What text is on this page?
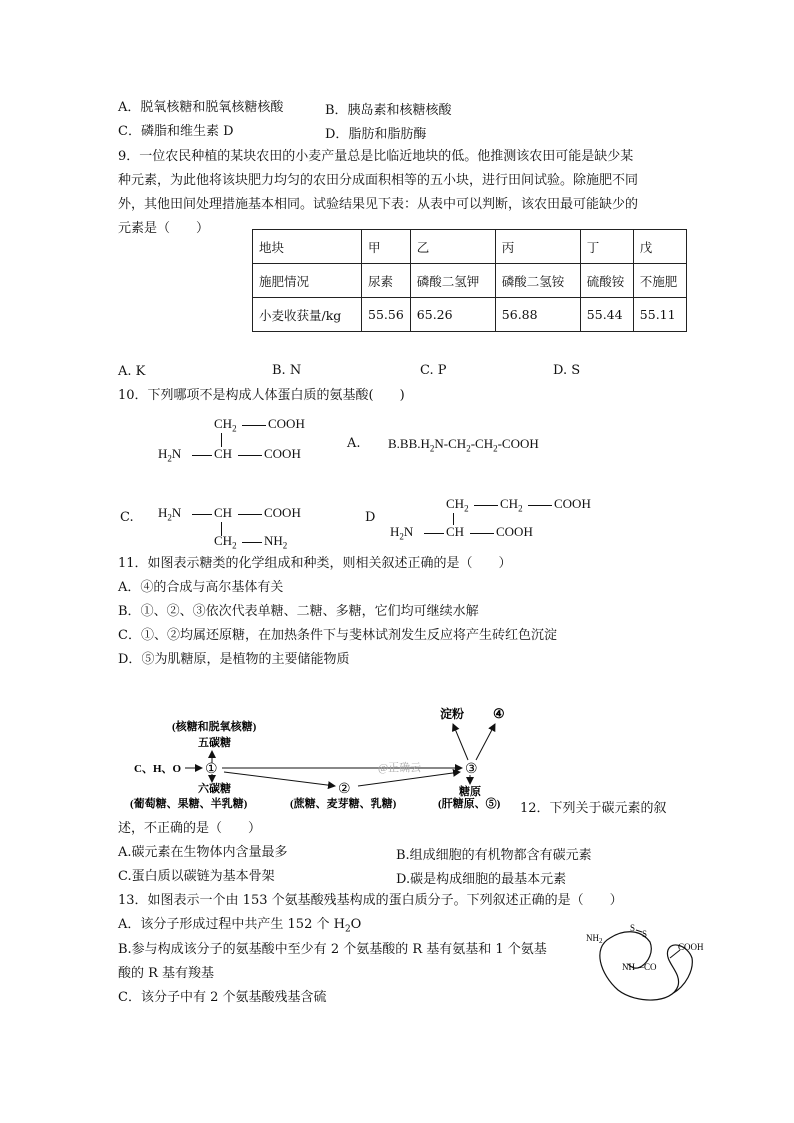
A．脱氧核糖和脱氧核糖核酸	B．胰岛素和核糖核酸
C．磷脂和维生素 D	D．脂肪和脂肪酶
9．一位农民种植的某块农田的小麦产量总是比临近地块的低。他推测该农田可能是缺少某
种元素，为此他将该块肥力均匀的农田分成面积相等的五小块，进行田间试验。除施肥不同
外，其他田间处理措施基本相同。试验结果见下表：从表中可以判断，该农田最可能缺少的
元素是（　　）
地块	甲	乙	丙	丁	戊
施肥情况	尿素	磷酸二氢钾	磷酸二氢铵	硫酸铵	不施肥
小麦收获量/kg	55.56	65.26	56.88	55.44	55.11
A. K	B. N	C. P	D. S
10．下列哪项不是构成人体蛋白质的氨基酸(　　)
$CH_2$ COOH
$H_2N$	CH COOH
A. $B.BB.H_2N-CH_2-CH_2$-COOH
C. $H_2N$	CH COOH
$CH_2$ $NH_2$
D
$CH_2$ $CH_2$ COOH
$H_2N$	CH COOH
11．如图表示糖类的化学组成和种类，则相关叙述正确的是（　　）
A．④的合成与高尔基体有关
B．①、②、③依次代表单糖、二糖、多糖，它们均可继续水解
C．①、②均属还原糖，在加热条件下与斐林试剂发生反应将产生砖红色沉淀
D．⑤为肌糖原，是植物的主要储能物质
淀粉 ④
(核糖和脱氧核糖)
五碳糖
C、H、O ①	@正确云	③
六碳糖	②	糖原
(葡萄糖、果糖、半乳糖)	(蔗糖、麦芽糖、乳糖)	(肝糖原、⑤) 12．下列关于碳元素的叙
述，不正确的是（　　）
A.碳元素在生物体内含量最多	B.组成细胞的有机物都含有碳元素
C.蛋白质以碳链为基本骨架	D.碳是构成细胞的最基本元素
13．如图表示一个由 153 个氨基酸残基构成的蛋白质分子。下列叙述正确的是（　　）
A．该分子形成过程中共产生 152 个 $H_2O$
B.参与构成该分子的氨基酸中至少有 2 个氨基酸的 R 基有氨基和 1 个氨基
酸的 R 基有羧基
C．该分子中有 2 个氨基酸残基含硫
$NH_2$
S
S
NH—CO
COOH
